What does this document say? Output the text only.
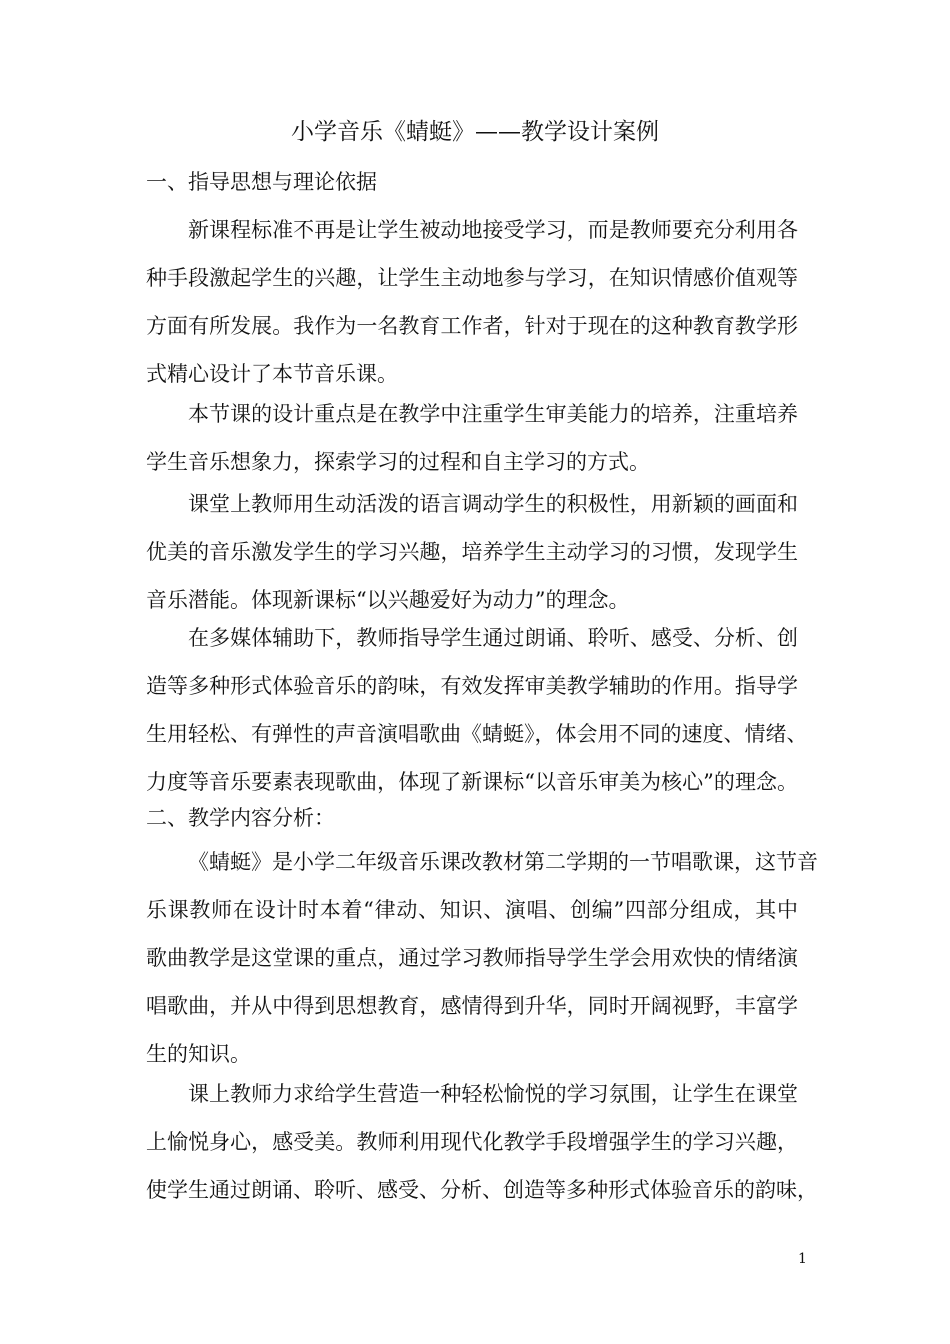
小学音乐《蜻蜓》——教学设计案例
一、指导思想与理论依据
新课程标准不再是让学生被动地接受学习，而是教师要充分利用各
种手段激起学生的兴趣，让学生主动地参与学习，在知识情感价值观等
方面有所发展。我作为一名教育工作者，针对于现在的这种教育教学形
式精心设计了本节音乐课。
本节课的设计重点是在教学中注重学生审美能力的培养，注重培养
学生音乐想象力，探索学习的过程和自主学习的方式。
课堂上教师用生动活泼的语言调动学生的积极性，用新颖的画面和
优美的音乐激发学生的学习兴趣，培养学生主动学习的习惯，发现学生
音乐潜能。体现新课标“以兴趣爱好为动力”的理念。
在多媒体辅助下，教师指导学生通过朗诵、聆听、感受、分析、创
造等多种形式体验音乐的韵味，有效发挥审美教学辅助的作用。指导学
生用轻松、有弹性的声音演唱歌曲《蜻蜓》，体会用不同的速度、情绪、
力度等音乐要素表现歌曲，体现了新课标“以音乐审美为核心”的理念。
二、教学内容分析：
《蜻蜓》是小学二年级音乐课改教材第二学期的一节唱歌课，这节音
乐课教师在设计时本着“律动、知识、演唱、创编”四部分组成，其中
歌曲教学是这堂课的重点，通过学习教师指导学生学会用欢快的情绪演
唱歌曲，并从中得到思想教育，感情得到升华，同时开阔视野，丰富学
生的知识。
课上教师力求给学生营造一种轻松愉悦的学习氛围，让学生在课堂
上愉悦身心，感受美。教师利用现代化教学手段增强学生的学习兴趣，
使学生通过朗诵、聆听、感受、分析、创造等多种形式体验音乐的韵味，
1
